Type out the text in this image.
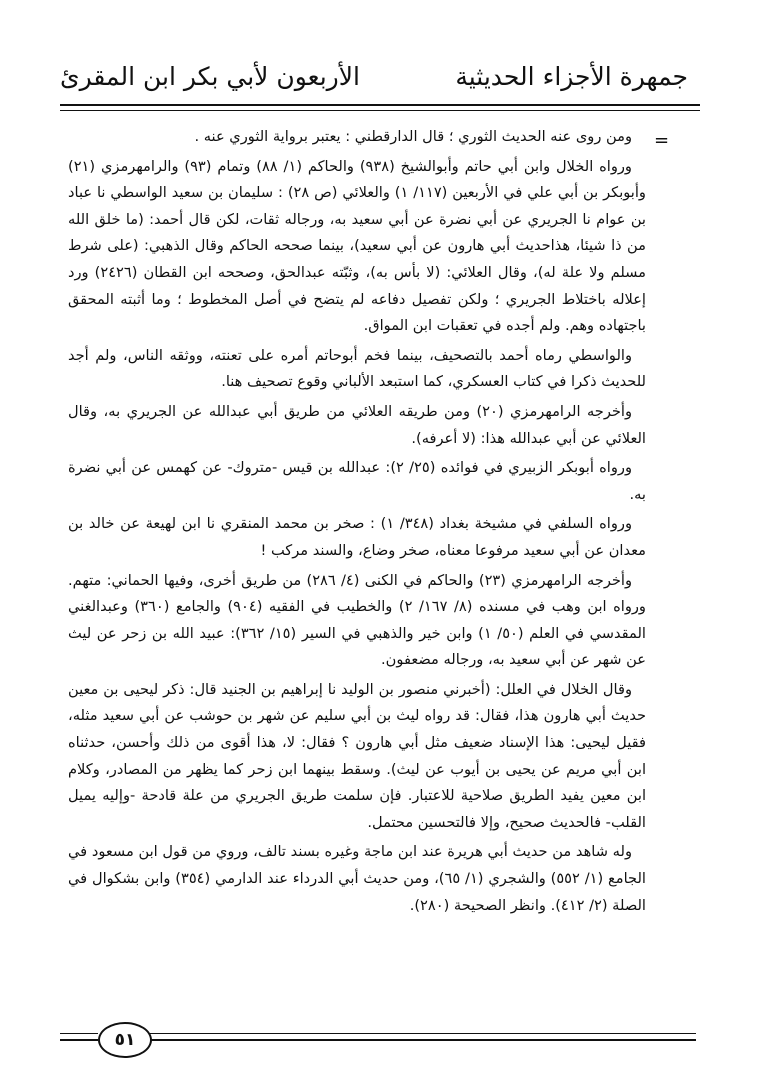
جمهرة الأجزاء الحديثية
الأربعون لأبي بكر ابن المقرئ
=

ومن روى عنه الحديث الثوري ؛ قال الدارقطني : يعتبر برواية الثوري عنه .

ورواه الخلال وابن أبي حاتم وأبوالشيخ (٩٣٨) والحاكم (١/ ٨٨) وتمام (٩٣) والرامهرمزي (٢١) وأبوبكر بن أبي علي في الأربعين (١١٧/ ١) والعلائي (ص ٢٨) : سليمان بن سعيد الواسطي نا عباد بن عوام نا الجريري عن أبي نضرة عن أبي سعيد به، ورجاله ثقات، لكن قال أحمد: (ما خلق الله من ذا شيئا، هذاحديث أبي هارون عن أبي سعيد)، بينما صححه الحاكم وقال الذهبي: (على شرط مسلم ولا علة له)، وقال العلائي: (لا بأس به)، وثبّته عبدالحق، وصححه ابن القطان (٢٤٢٦) ورد إعلاله باختلاط الجريري ؛ ولكن تفصيل دفاعه لم يتضح في أصل المخطوط ؛ وما أثبته المحقق باجتهاده وهم. ولم أجده في تعقبات ابن المواق.

والواسطي رماه أحمد بالتصحيف، بينما فخم أبوحاتم أمره على تعنته، ووثقه الناس، ولم أجد للحديث ذكرا في كتاب العسكري، كما استبعد الألباني وقوع تصحيف هنا.

وأخرجه الرامهرمزي (٢٠) ومن طريقه العلائي من طريق أبي عبدالله عن الجريري به، وقال العلائي عن أبي عبدالله هذا: (لا أعرفه).

ورواه أبوبكر الزبيري في فوائده (٢٥/ ٢): عبدالله بن قيس -متروك- عن كهمس عن أبي نضرة به.

ورواه السلفي في مشيخة بغداد (٣٤٨/ ١) : صخر بن محمد المنقري نا ابن لهيعة عن خالد بن معدان عن أبي سعيد مرفوعا معناه، صخر وضاع، والسند مركب !

وأخرجه الرامهرمزي (٢٣) والحاكم في الكنى (٤/ ٢٨٦) من طريق أخرى، وفيها الحماني: متهم. ورواه ابن وهب في مسنده (٨/ ١٦٧/ ٢) والخطيب في الفقيه (٩٠٤) والجامع (٣٦٠) وعبدالغني المقدسي في العلم (٥٠/ ١) وابن خير والذهبي في السير (١٥/ ٣٦٢): عبيد الله بن زحر عن ليث عن شهر عن أبي سعيد به، ورجاله مضعفون.

وقال الخلال في العلل: (أخبرني منصور بن الوليد نا إبراهيم بن الجنيد قال: ذكر ليحيى بن معين حديث أبي هارون هذا، فقال: قد رواه ليث بن أبي سليم عن شهر بن حوشب عن أبي سعيد مثله، فقيل ليحيى: هذا الإسناد ضعيف مثل أبي هارون ؟ فقال: لا، هذا أقوى من ذلك وأحسن، حدثناه ابن أبي مريم عن يحيى بن أيوب عن ليث). وسقط بينهما ابن زحر كما يظهر من المصادر، وكلام ابن معين يفيد الطريق صلاحية للاعتبار. فإن سلمت طريق الجريري من علة قادحة -وإليه يميل القلب- فالحديث صحيح، وإلا فالتحسين محتمل.

وله شاهد من حديث أبي هريرة عند ابن ماجة وغيره بسند تالف، وروي من قول ابن مسعود في الجامع (١/ ٥٥٢) والشجري (١/ ٦٥)، ومن حديث أبي الدرداء عند الدارمي (٣٥٤) وابن بشكوال في الصلة (٢/ ٤١٢). وانظر الصحيحة (٢٨٠).

٥١
